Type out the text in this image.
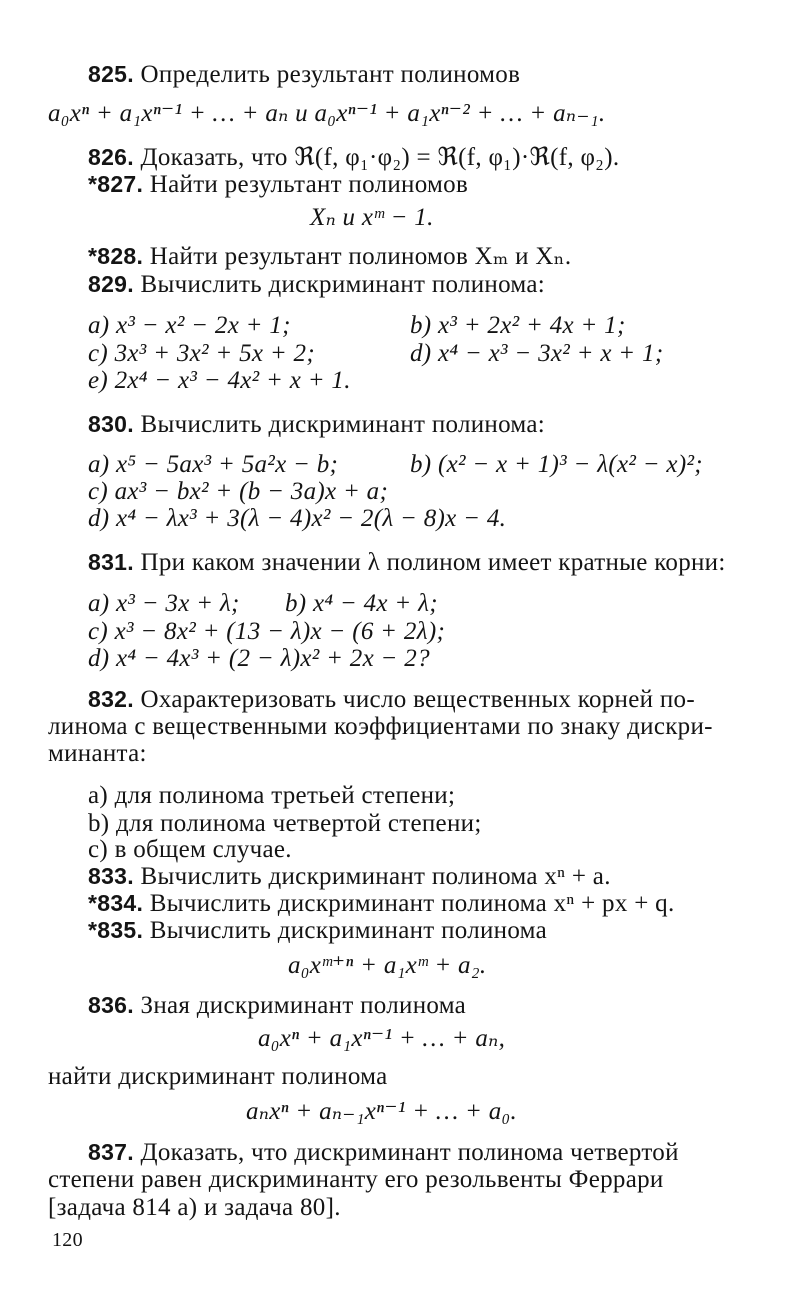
825. Определить результант полиномов
a₀xⁿ + a₁xⁿ⁻¹ + … + aₙ и a₀xⁿ⁻¹ + a₁xⁿ⁻² + … + aₙ₋₁.
826. Доказать, что ℜ(f, φ₁·φ₂) = ℜ(f, φ₁)·ℜ(f, φ₂).
*827. Найти результант полиномов
Xₙ и xᵐ − 1.
*828. Найти результант полиномов Xₘ и Xₙ.
829. Вычислить дискриминант полинома:
a) x³ − x² − 2x + 1;	b) x³ + 2x² + 4x + 1;
c) 3x³ + 3x² + 5x + 2;	d) x⁴ − x³ − 3x² + x + 1;
e) 2x⁴ − x³ − 4x² + x + 1.
830. Вычислить дискриминант полинома:
a) x⁵ − 5ax³ + 5a²x − b;	b) (x² − x + 1)³ − λ(x² − x)²;
c) ax³ − bx² + (b − 3a)x + a;
d) x⁴ − λx³ + 3(λ − 4)x² − 2(λ − 8)x − 4.
831. При каком значении λ полином имеет кратные корни:
a) x³ − 3x + λ; b) x⁴ − 4x + λ;
c) x³ − 8x² + (13 − λ)x − (6 + 2λ);
d) x⁴ − 4x³ + (2 − λ)x² + 2x − 2?
832. Охарактеризовать число вещественных корней по-
линома с вещественными коэффициентами по знаку дискри-
минанта:
a) для полинома третьей степени;
b) для полинома четвертой степени;
c) в общем случае.
833. Вычислить дискриминант полинома xⁿ + a.
*834. Вычислить дискриминант полинома xⁿ + px + q.
*835. Вычислить дискриминант полинома
a₀xᵐ⁺ⁿ + a₁xᵐ + a₂.
836. Зная дискриминант полинома
a₀xⁿ + a₁xⁿ⁻¹ + … + aₙ,
найти дискриминант полинома
aₙxⁿ + aₙ₋₁xⁿ⁻¹ + … + a₀.
837. Доказать, что дискриминант полинома четвертой
степени равен дискриминанту его резольвенты Феррари
[задача 814 a) и задача 80].
120
